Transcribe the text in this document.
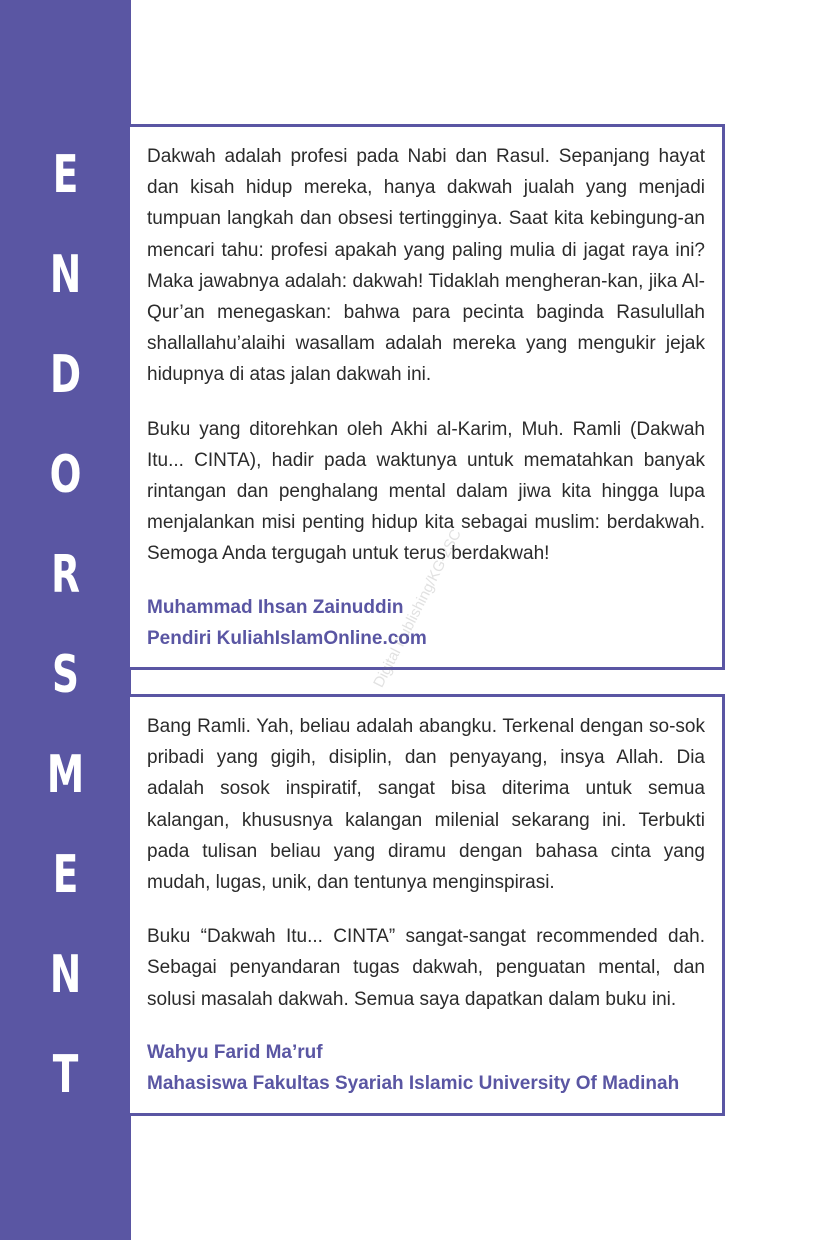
E
N
D
O
R
S
M
E
N
T

Dakwah adalah profesi pada Nabi dan Rasul. Sepanjang hayat dan kisah hidup mereka, hanya dakwah jualah yang menjadi tumpuan langkah dan obsesi tertingginya. Saat kita kebingung-an mencari tahu: profesi apakah yang paling mulia di jagat raya ini? Maka jawabnya adalah: dakwah! Tidaklah mengheran-kan, jika Al-Qur’an menegaskan: bahwa para pecinta baginda Rasulullah shallallahu’alaihi wasallam adalah mereka yang mengukir jejak hidupnya di atas jalan dakwah ini.

Buku yang ditorehkan oleh Akhi al-Karim, Muh. Ramli (Dakwah Itu... CINTA), hadir pada waktunya untuk mematahkan banyak rintangan dan penghalang mental dalam jiwa kita hingga lupa menjalankan misi penting hidup kita sebagai muslim: berdakwah. Semoga Anda tergugah untuk terus berdakwah!

Muhammad Ihsan Zainuddin
Pendiri KuliahIslamOnline.com

Bang Ramli. Yah, beliau adalah abangku. Terkenal dengan so-sok pribadi yang gigih, disiplin, dan penyayang, insya Allah. Dia adalah sosok inspiratif, sangat bisa diterima untuk semua kalangan, khususnya kalangan milenial sekarang ini. Terbukti pada tulisan beliau yang diramu dengan bahasa cinta yang mudah, lugas, unik, dan tentunya menginspirasi.

Buku “Dakwah Itu... CINTA” sangat-sangat recommended dah. Sebagai penyandaran tugas dakwah, penguatan mental, dan solusi masalah dakwah. Semua saya dapatkan dalam buku ini.

Wahyu Farid Ma’ruf
Mahasiswa Fakultas Syariah Islamic University Of Madinah
Digital Publishing/KG-2SC
